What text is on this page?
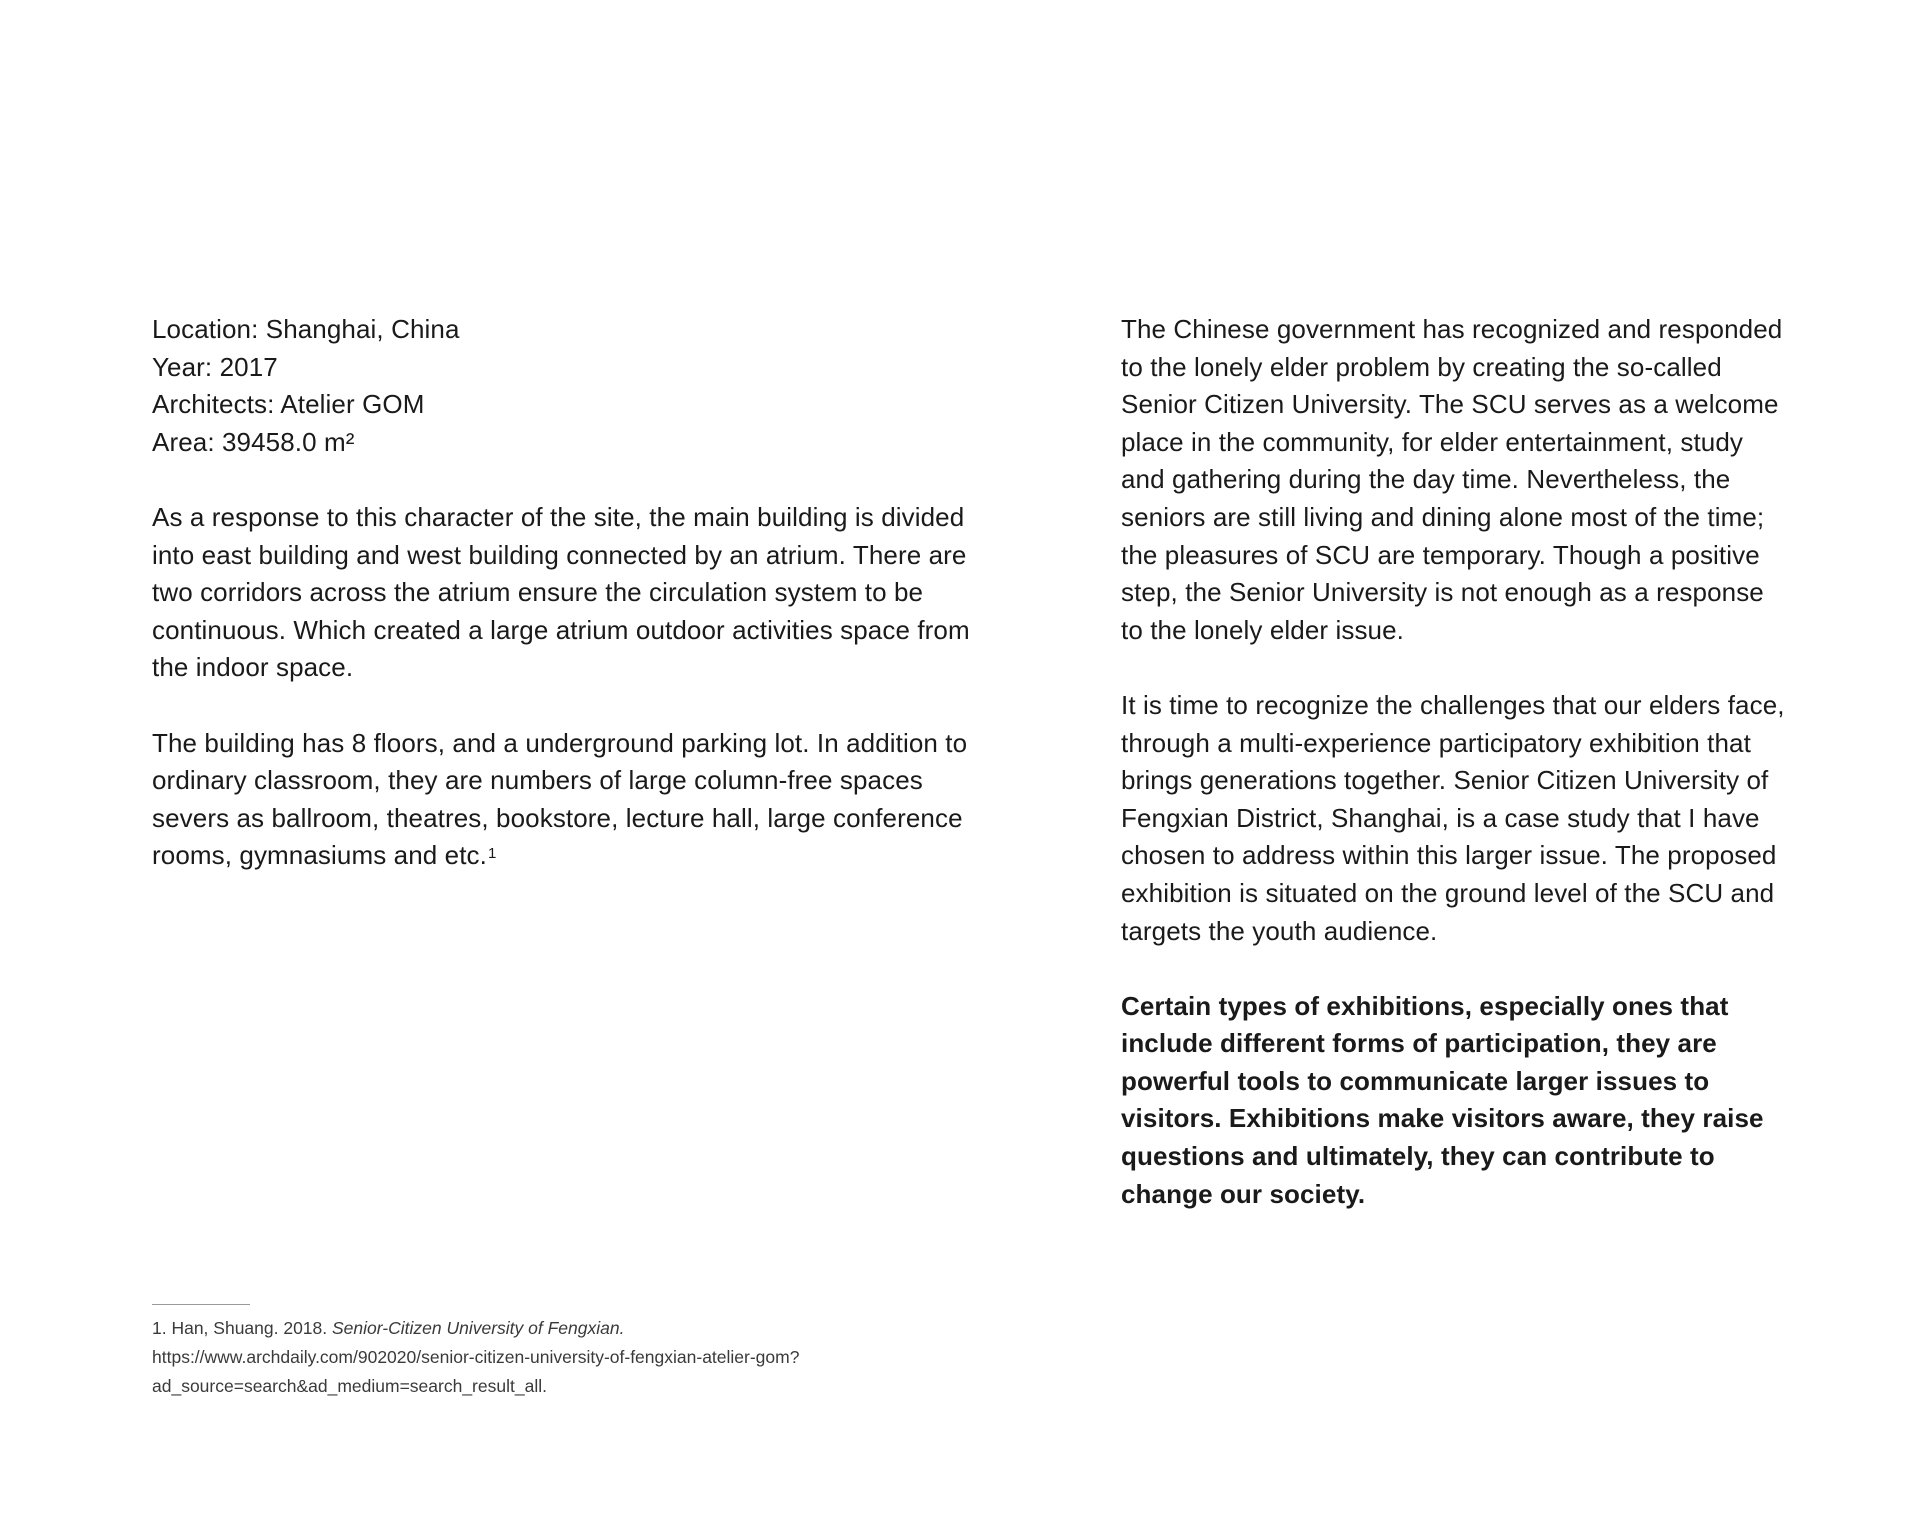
Location: Shanghai, China

Year: 2017

Architects: Atelier GOM

Area: 39458.0 m²

As a response to this character of the site, the main building is divided into east building and west building connected by an atrium. There are two corridors across the atrium ensure the circulation system to be continuous. Which created a large atrium outdoor activities space from the indoor space.

The building has 8 floors, and a underground parking lot. In addition to ordinary classroom, they are numbers of large column-free spaces severs as ballroom, theatres, bookstore, lecture hall, large conference rooms, gymnasiums and etc.$^1$

The Chinese government has recognized and responded to the lonely elder problem by creating the so-called Senior Citizen University. The SCU serves as a welcome place in the community, for elder entertainment, study and gathering during the day time. Nevertheless, the seniors are still living and dining alone most of the time; the pleasures of SCU are temporary. Though a positive step, the Senior University is not enough as a response to the lonely elder issue.

It is time to recognize the challenges that our elders face, through a multi-experience participatory exhibition that brings generations together. Senior Citizen University of Fengxian District, Shanghai, is a case study that I have chosen to address within this larger issue. The proposed exhibition is situated on the ground level of the SCU and targets the youth audience.

Certain types of exhibitions, especially ones that include different forms of participation, they are powerful tools to communicate larger issues to visitors. Exhibitions make visitors aware, they raise questions and ultimately, they can contribute to change our society.

1. Han, Shuang. 2018. Senior-Citizen University of Fengxian. https://www.archdaily.com/902020/senior-citizen-university-of-fengxian-atelier-gom?ad_source=search&ad_medium=search_result_all.
